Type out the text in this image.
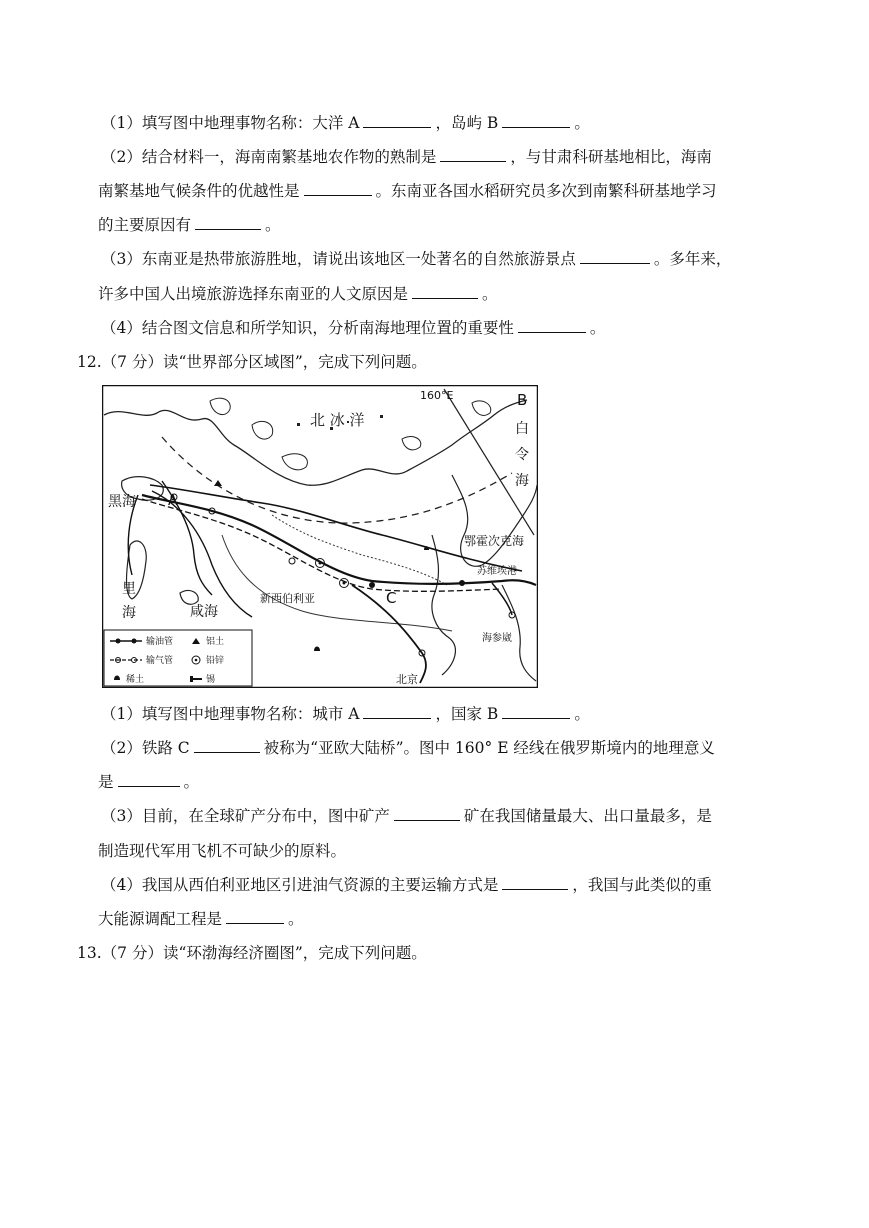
（1）填写图中地理事物名称：大洋 A	，岛屿 B	。
（2）结合材料一，海南南繁基地农作物的熟制是	，与甘肃科研基地相比，海南
南繁基地气候条件的优越性是	。东南亚各国水稻研究员多次到南繁科研基地学习
的主要原因有	。
（3）东南亚是热带旅游胜地，请说出该地区一处著名的自然旅游景点	。多年来，
许多中国人出境旅游选择东南亚的人文原因是	。
（4）结合图文信息和所学知识，分析南海地理位置的重要性	。
12.（7 分）读“世界部分区域图”，完成下列问题。
北 冰 洋
160°E	B
白
令
海
黑海 A
鄂霍次克海
苏维埃港
新西伯利亚	C
海参崴
北京
里
海	咸海
输油管
输气管
稀土
铝土
铅锌
锡
（1）填写图中地理事物名称：城市 A	，国家 B	。
（2）铁路 C	被称为“亚欧大陆桥”。图中 160° E 经线在俄罗斯境内的地理意义
是	。
（3）目前，在全球矿产分布中，图中矿产	矿在我国储量最大、出口量最多，是
制造现代军用飞机不可缺少的原料。
（4）我国从西伯利亚地区引进油气资源的主要运输方式是	，我国与此类似的重
大能源调配工程是	。
13.（7 分）读“环渤海经济圈图”，完成下列问题。
